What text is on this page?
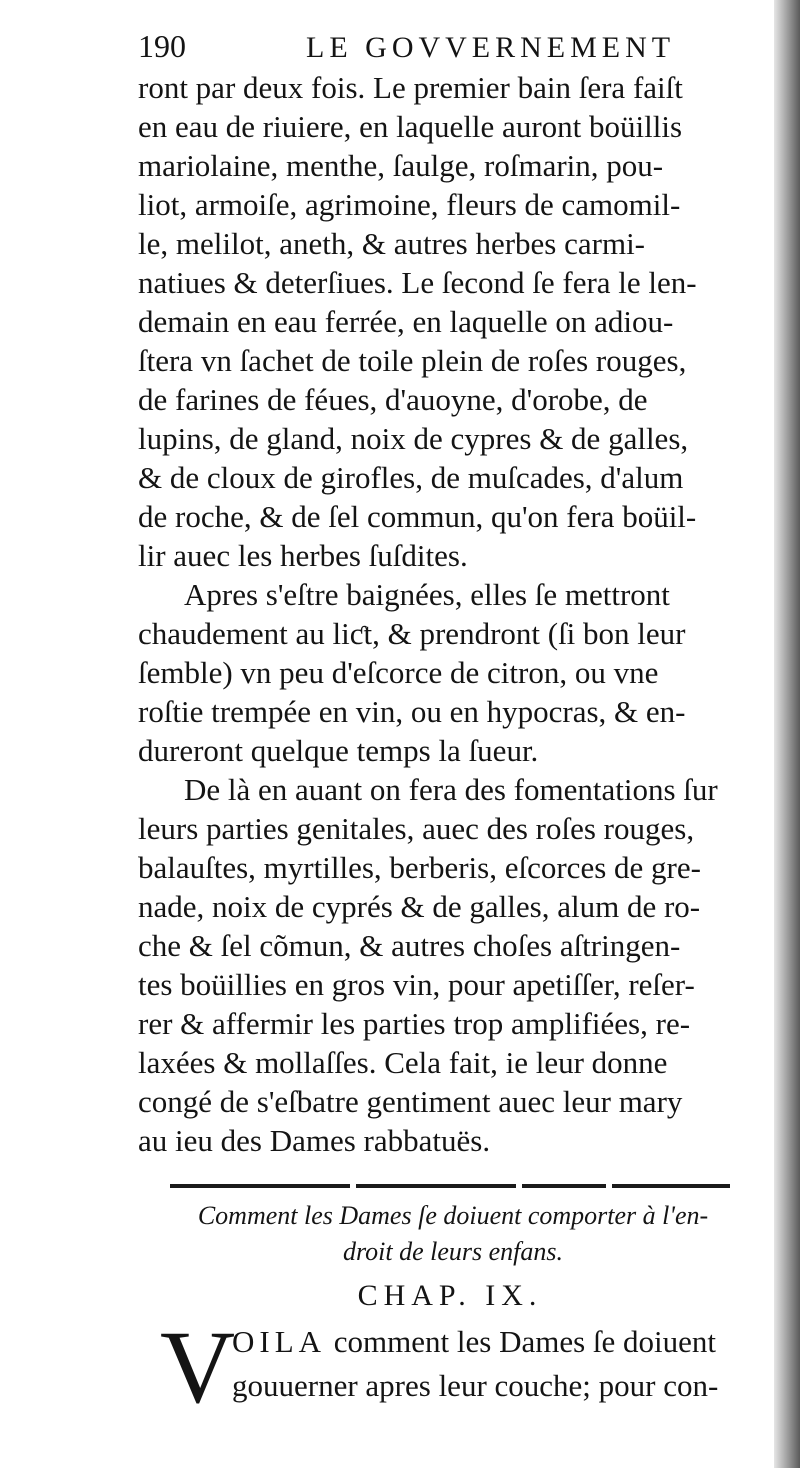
190	LE GOVVERNEMENT
ront par deux fois. Le premier bain ſera faiſt
en eau de riuiere, en laquelle auront boüillis
mariolaine, menthe, ſaulge, roſmarin, pou-
liot, armoiſe, agrimoine, fleurs de camomil-
le, melilot, aneth, & autres herbes carmi-
natiues & deterſiues. Le ſecond ſe fera le len-
demain en eau ferrée, en laquelle on adiou-
ſtera vn ſachet de toile plein de roſes rouges,
de farines de féues, d'auoyne, d'orobe, de
lupins, de gland, noix de cypres & de galles,
& de cloux de girofles, de muſcades, d'alum
de roche, & de ſel commun, qu'on fera boüil-
lir auec les herbes ſuſdites.
Apres s'eſtre baignées, elles ſe mettront
chaudement au liƈt, & prendront (ſi bon leur
ſemble) vn peu d'eſcorce de citron, ou vne
roſtie trempée en vin, ou en hypocras, & en-
dureront quelque temps la ſueur.
De là en auant on fera des fomentations ſur
leurs parties genitales, auec des roſes rouges,
balauſtes, myrtilles, berberis, eſcorces de gre-
nade, noix de cyprés & de galles, alum de ro-
che & ſel cõmun, & autres choſes aſtringen-
tes boüillies en gros vin, pour apetiſſer, reſer-
rer & affermir les parties trop amplifiées, re-
laxées & mollaſſes. Cela fait, ie leur donne
congé de s'eſbatre gentiment auec leur mary
au ieu des Dames rabbatuës.
Comment les Dames ſe doiuent comporter à l'en-
droit de leurs enfans.
CHAP. IX.
V
OILA comment les Dames ſe doiuent
gouuerner apres leur couche; pour con-
